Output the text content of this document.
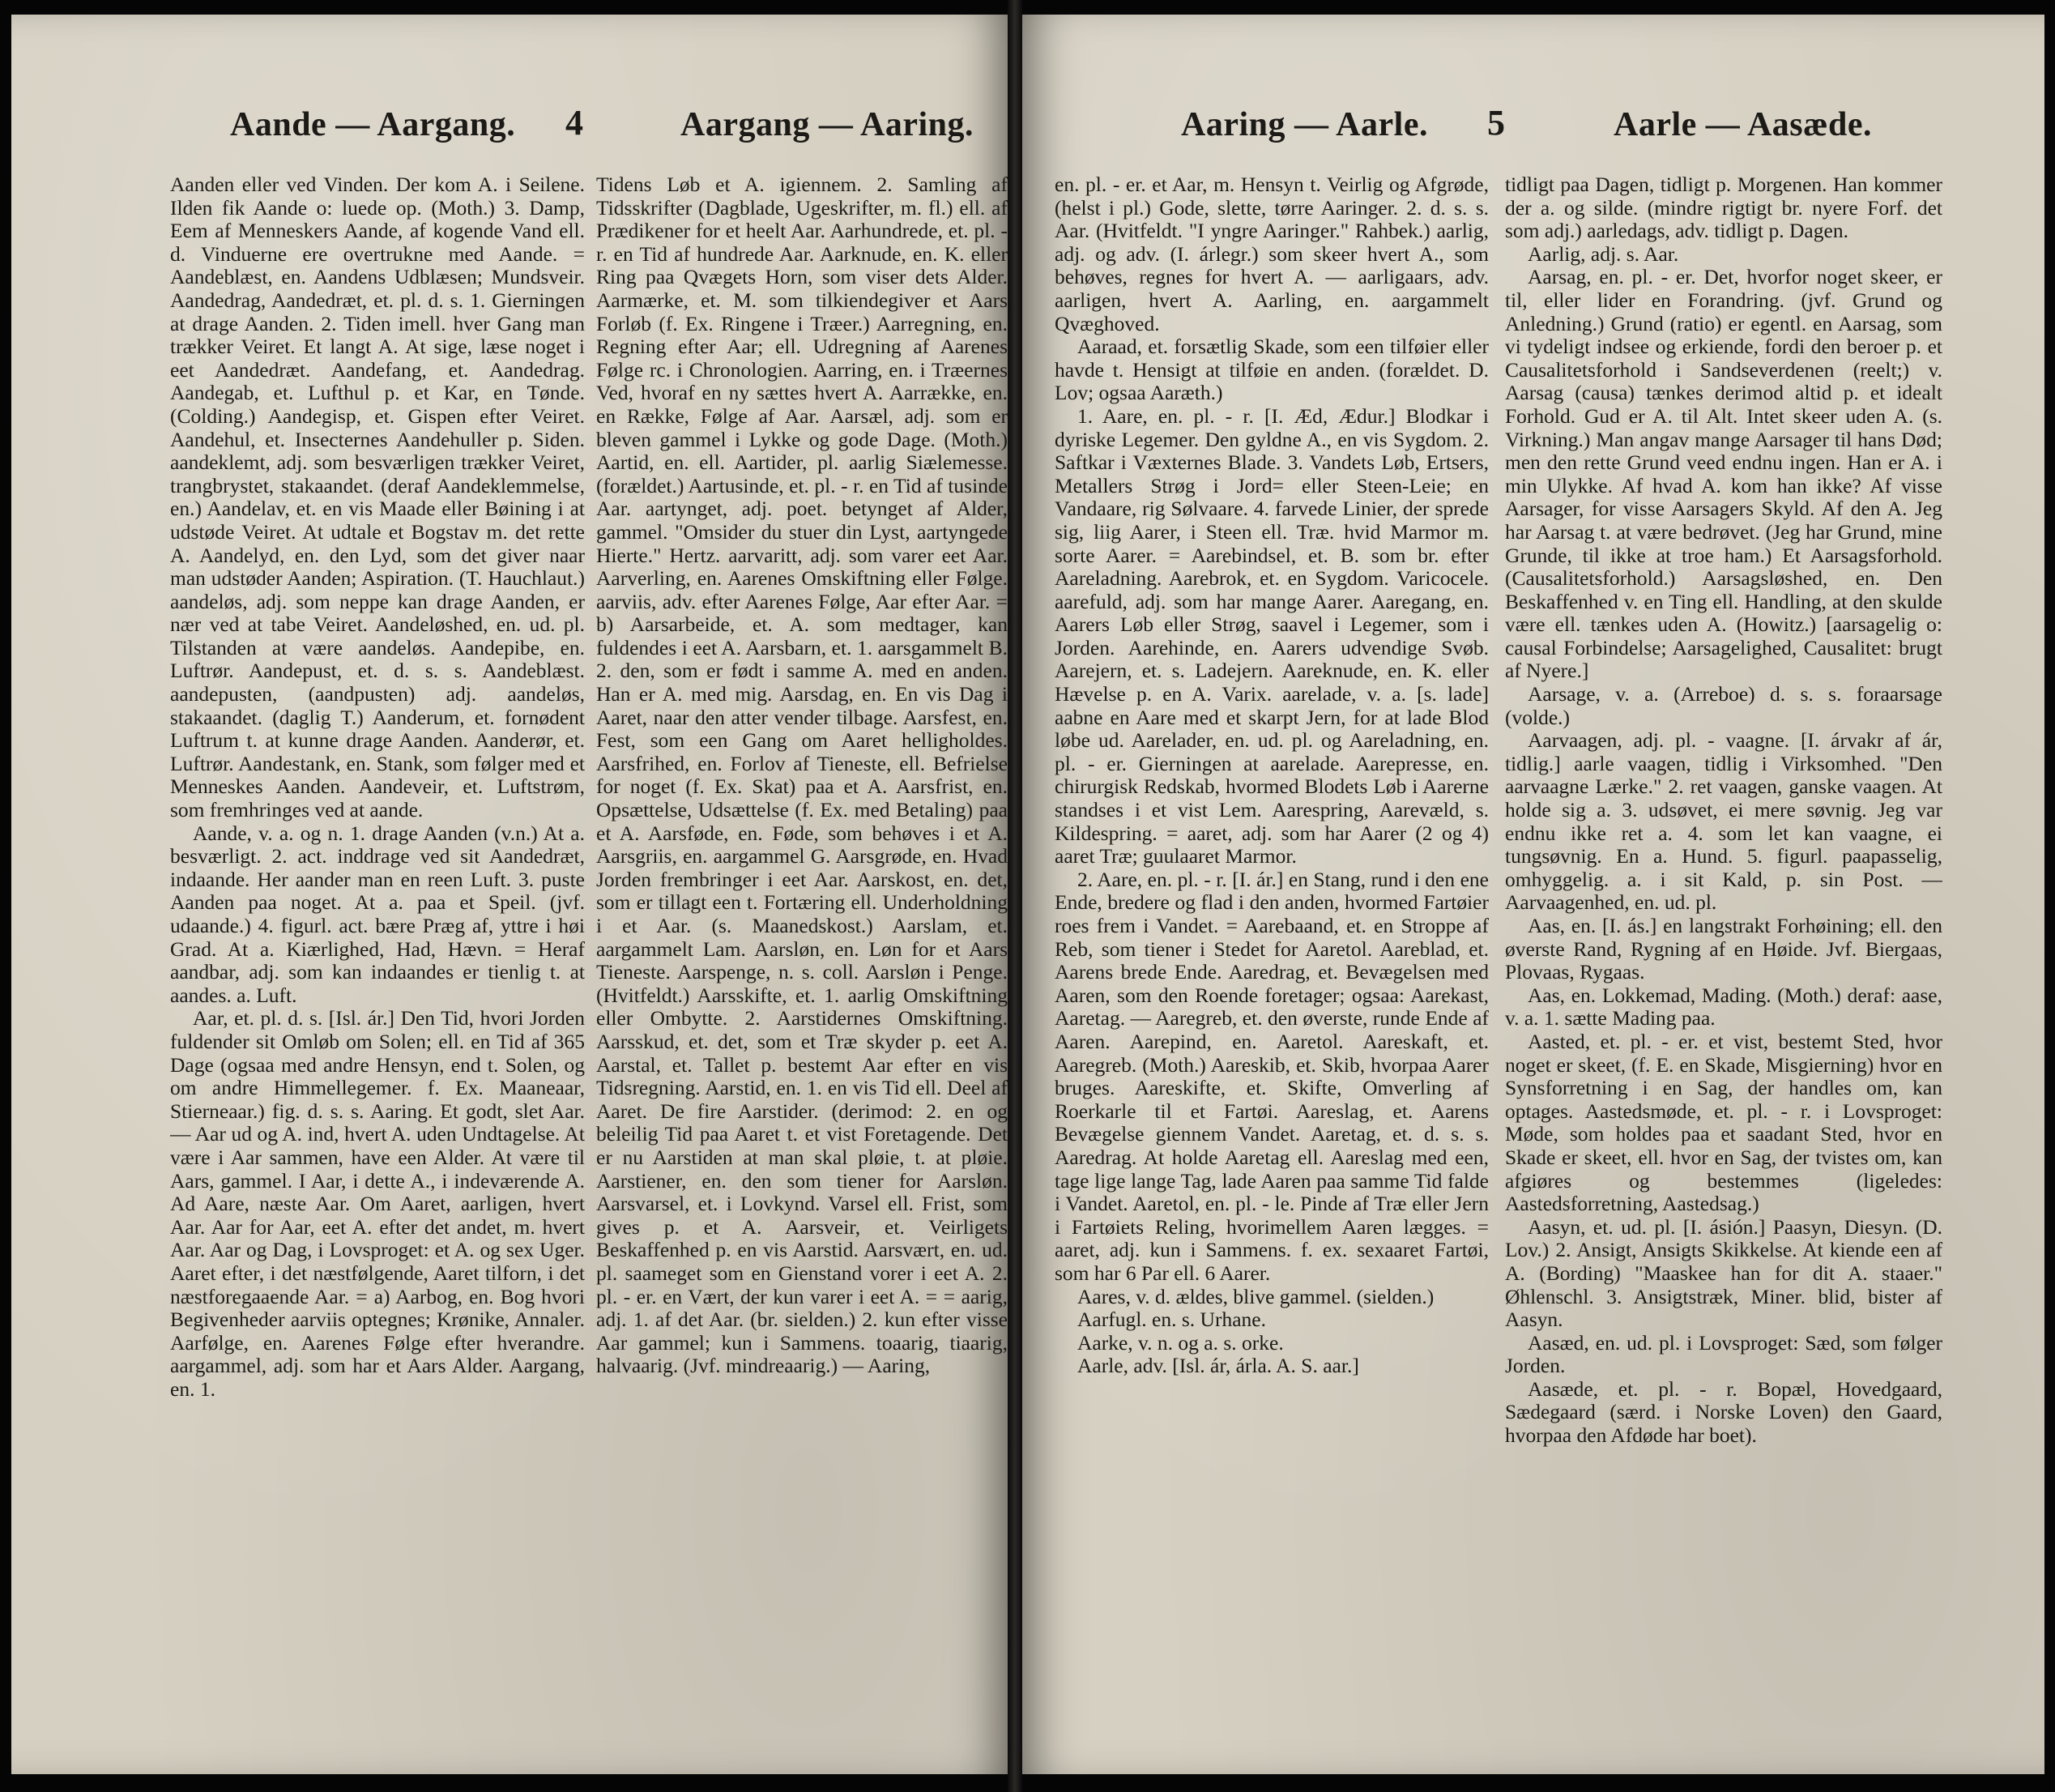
Aande — Aargang. 4	Aargang — Aaring.

Aanden eller ved Vinden. Der kom A. i Seilene. Ilden fik Aande o: luede op. (Moth.) 3. Damp, Eem af Menneskers Aande, af kogende Vand ell. d. Vinduerne ere overtrukne med Aande. = Aandeblæst, en. Aandens Udblæsen; Mundsveir. Aandedrag, Aandedræt, et. pl. d. s. 1. Gierningen at drage Aanden. 2. Tiden imell. hver Gang man trækker Veiret. Et langt A. At sige, læse noget i eet Aandedræt. Aandefang, et. Aandedrag. Aandegab, et. Lufthul p. et Kar, en Tønde. (Colding.) Aandegisp, et. Gispen efter Veiret. Aandehul, et. Insecternes Aandehuller p. Siden. aandeklemt, adj. som besværligen trækker Veiret, trangbrystet, stakaandet. (deraf Aandeklemmelse, en.) Aandelav, et. en vis Maade eller Bøining i at udstøde Veiret. At udtale et Bogstav m. det rette A. Aandelyd, en. den Lyd, som det giver naar man udstøder Aanden; Aspiration. (T. Hauchlaut.) aandeløs, adj. som neppe kan drage Aanden, er nær ved at tabe Veiret. Aandeløshed, en. ud. pl. Tilstanden at være aandeløs. Aandepibe, en. Luftrør. Aandepust, et. d. s. s. Aandeblæst. aandepusten, (aandpusten) adj. aandeløs, stakaandet. (daglig T.) Aanderum, et. fornødent Luftrum t. at kunne drage Aanden. Aanderør, et. Luftrør. Aandestank, en. Stank, som følger med et Menneskes Aanden. Aandeveir, et. Luftstrøm, som fremhringes ved at aande.

Aande, v. a. og n. 1. drage Aanden (v.n.) At a. besværligt. 2. act. inddrage ved sit Aandedræt, indaande. Her aander man en reen Luft. 3. puste Aanden paa noget. At a. paa et Speil. (jvf. udaande.) 4. figurl. act. bære Præg af, yttre i høi Grad. At a. Kiærlighed, Had, Hævn. = Heraf aandbar, adj. som kan indaandes er tienlig t. at aandes. a. Luft.

Aar, et. pl. d. s. [Isl. ár.] Den Tid, hvori Jorden fuldender sit Omløb om Solen; ell. en Tid af 365 Dage (ogsaa med andre Hensyn, end t. Solen, og om andre Himmellegemer. f. Ex. Maaneaar, Stierneaar.) fig. d. s. s. Aaring. Et godt, slet Aar. — Aar ud og A. ind, hvert A. uden Undtagelse. At være i Aar sammen, have een Alder. At være til Aars, gammel. I Aar, i dette A., i indeværende A. Ad Aare, næste Aar. Om Aaret, aarligen, hvert Aar. Aar for Aar, eet A. efter det andet, m. hvert Aar. Aar og Dag, i Lovsproget: et A. og sex Uger. Aaret efter, i det næstfølgende, Aaret tilforn, i det næstforegaaende Aar. = a) Aarbog, en. Bog hvori Begivenheder aarviis optegnes; Krønike, Annaler. Aarfølge, en. Aarenes Følge efter hverandre. aargammel, adj. som har et Aars Alder. Aargang, en. 1.

Tidens Løb et A. igiennem. 2. Samling af Tidsskrifter (Dagblade, Ugeskrifter, m. fl.) ell. af Prædikener for et heelt Aar. Aarhundrede, et. pl. - r. en Tid af hundrede Aar. Aarknude, en. K. eller Ring paa Qvægets Horn, som viser dets Alder. Aarmærke, et. M. som tilkiendegiver et Aars Forløb (f. Ex. Ringene i Træer.) Aarregning, en. Regning efter Aar; ell. Udregning af Aarenes Følge rc. i Chronologien. Aarring, en. i Træernes Ved, hvoraf en ny sættes hvert A. Aarrække, en. en Række, Følge af Aar. Aarsæl, adj. som er bleven gammel i Lykke og gode Dage. (Moth.) Aartid, en. ell. Aartider, pl. aarlig Siælemesse. (forældet.) Aartusinde, et. pl. - r. en Tid af tusinde Aar. aartynget, adj. poet. betynget af Alder, gammel. "Omsider du stuer din Lyst, aartyngede Hierte." Hertz. aarvaritt, adj. som varer eet Aar. Aarverling, en. Aarenes Omskiftning eller Følge. aarviis, adv. efter Aarenes Følge, Aar efter Aar. = b) Aarsarbeide, et. A. som medtager, kan fuldendes i eet A. Aarsbarn, et. 1. aarsgammelt B. 2. den, som er født i samme A. med en anden. Han er A. med mig. Aarsdag, en. En vis Dag i Aaret, naar den atter vender tilbage. Aarsfest, en. Fest, som een Gang om Aaret helligholdes. Aarsfrihed, en. Forlov af Tieneste, ell. Befrielse for noget (f. Ex. Skat) paa et A. Aarsfrist, en. Opsættelse, Udsættelse (f. Ex. med Betaling) paa et A. Aarsføde, en. Føde, som behøves i et A. Aarsgriis, en. aargammel G. Aarsgrøde, en. Hvad Jorden frembringer i eet Aar. Aarskost, en. det, som er tillagt een t. Fortæring ell. Underholdning i et Aar. (s. Maanedskost.) Aarslam, et. aargammelt Lam. Aarsløn, en. Løn for et Aars Tieneste. Aarspenge, n. s. coll. Aarsløn i Penge. (Hvitfeldt.) Aarsskifte, et. 1. aarlig Omskiftning eller Ombytte. 2. Aarstidernes Omskiftning. Aarsskud, et. det, som et Træ skyder p. eet A. Aarstal, et. Tallet p. bestemt Aar efter en vis Tidsregning. Aarstid, en. 1. en vis Tid ell. Deel af Aaret. De fire Aarstider. (derimod: 2. en og beleilig Tid paa Aaret t. et vist Foretagende. Det er nu Aarstiden at man skal pløie, t. at pløie. Aarstiener, en. den som tiener for Aarsløn. Aarsvarsel, et. i Lovkynd. Varsel ell. Frist, som gives p. et A. Aarsveir, et. Veirligets Beskaffenhed p. en vis Aarstid. Aarsvært, en. ud. pl. saameget som en Gienstand vorer i eet A. 2. pl. - er. en Vært, der kun varer i eet A. = = aarig, adj. 1. af det Aar. (br. sielden.) 2. kun efter visse Aar gammel; kun i Sammens. toaarig, tiaarig, halvaarig. (Jvf. mindreaarig.) — Aaring,

Aaring — Aarle. 5	Aarle — Aasæde.

en. pl. - er. et Aar, m. Hensyn t. Veirlig og Afgrøde, (helst i pl.) Gode, slette, tørre Aaringer. 2. d. s. s. Aar. (Hvitfeldt. "I yngre Aaringer." Rahbek.) aarlig, adj. og adv. (I. árlegr.) som skeer hvert A., som behøves, regnes for hvert A. — aarligaars, adv. aarligen, hvert A. Aarling, en. aargammelt Qvæghoved.

Aaraad, et. forsætlig Skade, som een tilføier eller havde t. Hensigt at tilføie en anden. (forældet. D. Lov; ogsaa Aaræth.)

1. Aare, en. pl. - r. [I. Æd, Ædur.] Blodkar i dyriske Legemer. Den gyldne A., en vis Sygdom. 2. Saftkar i Væxternes Blade. 3. Vandets Løb, Ertsers, Metallers Strøg i Jord= eller Steen-Leie; en Vandaare, rig Sølvaare. 4. farvede Linier, der sprede sig, liig Aarer, i Steen ell. Træ. hvid Marmor m. sorte Aarer. = Aarebindsel, et. B. som br. efter Aareladning. Aarebrok, et. en Sygdom. Varicocele. aarefuld, adj. som har mange Aarer. Aaregang, en. Aarers Løb eller Strøg, saavel i Legemer, som i Jorden. Aarehinde, en. Aarers udvendige Svøb. Aarejern, et. s. Ladejern. Aareknude, en. K. eller Hævelse p. en A. Varix. aarelade, v. a. [s. lade] aabne en Aare med et skarpt Jern, for at lade Blod løbe ud. Aarelader, en. ud. pl. og Aareladning, en. pl. - er. Gierningen at aarelade. Aarepresse, en. chirurgisk Redskab, hvormed Blodets Løb i Aarerne standses i et vist Lem. Aarespring, Aarevæld, s. Kildespring. = aaret, adj. som har Aarer (2 og 4) aaret Træ; guulaaret Marmor.

2. Aare, en. pl. - r. [I. ár.] en Stang, rund i den ene Ende, bredere og flad i den anden, hvormed Fartøier roes frem i Vandet. = Aarebaand, et. en Stroppe af Reb, som tiener i Stedet for Aaretol. Aareblad, et. Aarens brede Ende. Aaredrag, et. Bevægelsen med Aaren, som den Roende foretager; ogsaa: Aarekast, Aaretag. — Aaregreb, et. den øverste, runde Ende af Aaren. Aarepind, en. Aaretol. Aareskaft, et. Aaregreb. (Moth.) Aareskib, et. Skib, hvorpaa Aarer bruges. Aareskifte, et. Skifte, Omverling af Roerkarle til et Fartøi. Aareslag, et. Aarens Bevægelse giennem Vandet. Aaretag, et. d. s. s. Aaredrag. At holde Aaretag ell. Aareslag med een, tage lige lange Tag, lade Aaren paa samme Tid falde i Vandet. Aaretol, en. pl. - le. Pinde af Træ eller Jern i Fartøiets Reling, hvorimellem Aaren lægges. = aaret, adj. kun i Sammens. f. ex. sexaaret Fartøi, som har 6 Par ell. 6 Aarer.

Aares, v. d. ældes, blive gammel. (sielden.)

Aarfugl. en. s. Urhane.

Aarke, v. n. og a. s. orke.

Aarle, adv. [Isl. ár, árla. A. S. aar.]

tidligt paa Dagen, tidligt p. Morgenen. Han kommer der a. og silde. (mindre rigtigt br. nyere Forf. det som adj.) aarledags, adv. tidligt p. Dagen.

Aarlig, adj. s. Aar.

Aarsag, en. pl. - er. Det, hvorfor noget skeer, er til, eller lider en Forandring. (jvf. Grund og Anledning.) Grund (ratio) er egentl. en Aarsag, som vi tydeligt indsee og erkiende, fordi den beroer p. et Causalitetsforhold i Sandseverdenen (reelt;) v. Aarsag (causa) tænkes derimod altid p. et idealt Forhold. Gud er A. til Alt. Intet skeer uden A. (s. Virkning.) Man angav mange Aarsager til hans Død; men den rette Grund veed endnu ingen. Han er A. i min Ulykke. Af hvad A. kom han ikke? Af visse Aarsager, for visse Aarsagers Skyld. Af den A. Jeg har Aarsag t. at være bedrøvet. (Jeg har Grund, mine Grunde, til ikke at troe ham.) Et Aarsagsforhold. (Causalitetsforhold.) Aarsagsløshed, en. Den Beskaffenhed v. en Ting ell. Handling, at den skulde være ell. tænkes uden A. (Howitz.) [aarsagelig o: causal Forbindelse; Aarsagelighed, Causalitet: brugt af Nyere.]

Aarsage, v. a. (Arreboe) d. s. s. foraarsage (volde.)

Aarvaagen, adj. pl. - vaagne. [I. árvakr af ár, tidlig.] aarle vaagen, tidlig i Virksomhed. "Den aarvaagne Lærke." 2. ret vaagen, ganske vaagen. At holde sig a. 3. udsøvet, ei mere søvnig. Jeg var endnu ikke ret a. 4. som let kan vaagne, ei tungsøvnig. En a. Hund. 5. figurl. paapasselig, omhyggelig. a. i sit Kald, p. sin Post. — Aarvaagenhed, en. ud. pl.

Aas, en. [I. ás.] en langstrakt Forhøining; ell. den øverste Rand, Rygning af en Høide. Jvf. Biergaas, Plovaas, Rygaas.

Aas, en. Lokkemad, Mading. (Moth.) deraf: aase, v. a. 1. sætte Mading paa.

Aasted, et. pl. - er. et vist, bestemt Sted, hvor noget er skeet, (f. E. en Skade, Misgierning) hvor en Synsforretning i en Sag, der handles om, kan optages. Aastedsmøde, et. pl. - r. i Lovsproget: Møde, som holdes paa et saadant Sted, hvor en Skade er skeet, ell. hvor en Sag, der tvistes om, kan afgiøres og bestemmes (ligeledes: Aastedsforretning, Aastedsag.)

Aasyn, et. ud. pl. [I. ásión.] Paasyn, Diesyn. (D. Lov.) 2. Ansigt, Ansigts Skikkelse. At kiende een af A. (Bording) "Maaskee han for dit A. staaer." Øhlenschl. 3. Ansigtstræk, Miner. blid, bister af Aasyn.

Aasæd, en. ud. pl. i Lovsproget: Sæd, som følger Jorden.

Aasæde, et. pl. - r. Bopæl, Hovedgaard, Sædegaard (særd. i Norske Loven) den Gaard, hvorpaa den Afdøde har boet).
